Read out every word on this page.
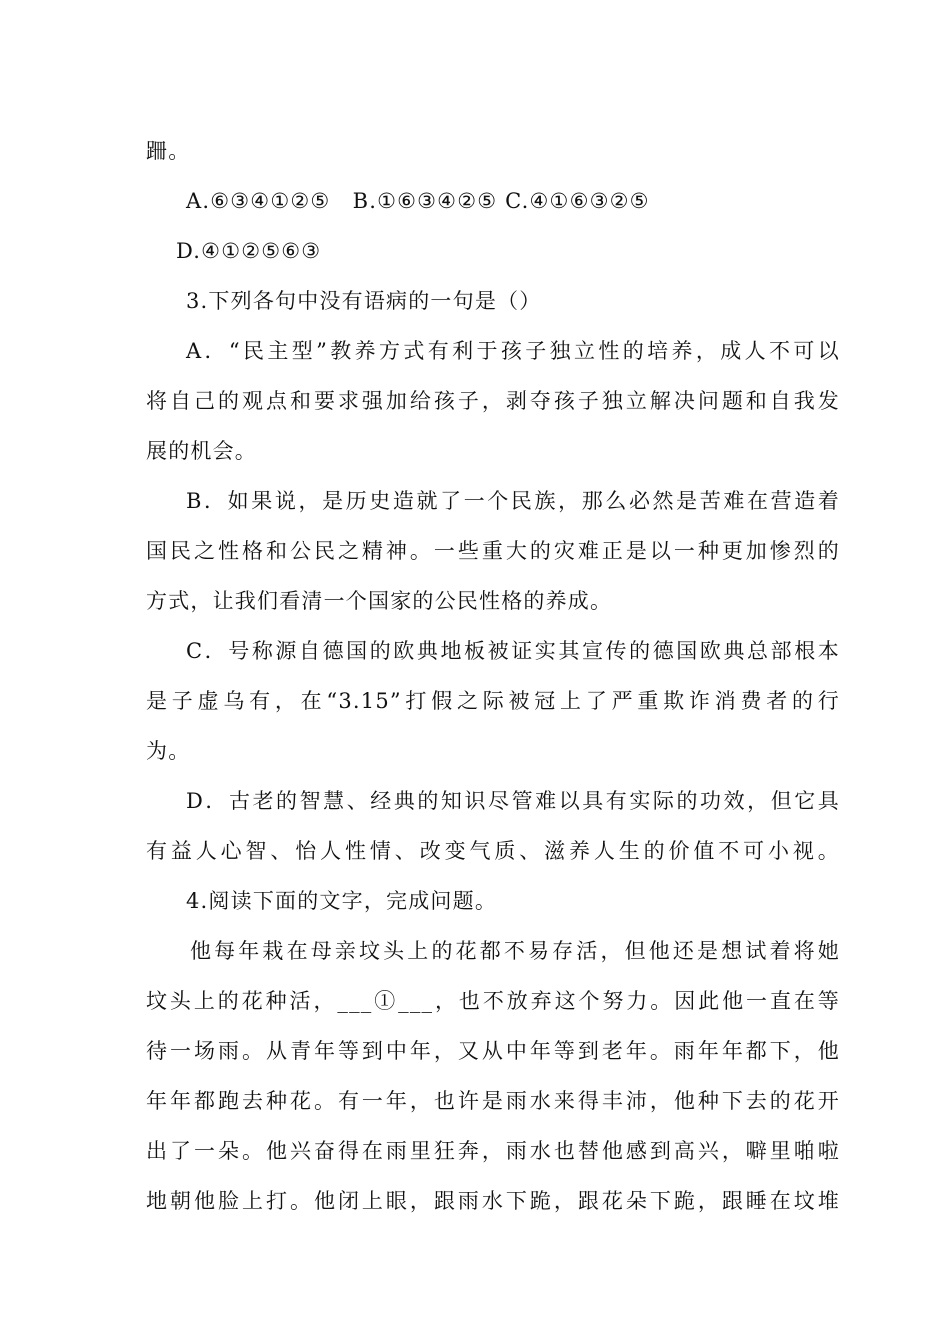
跚。
A.⑥③④①②⑤　B.①⑥③④②⑤ C.④①⑥③②⑤
D.④①②⑤⑥③
3.下列各句中没有语病的一句是（）
A．“民主型”教养方式有利于孩子独立性的培养，成人不可以
将自己的观点和要求强加给孩子，剥夺孩子独立解决问题和自我发
展的机会。
B．如果说，是历史造就了一个民族，那么必然是苦难在营造着
国民之性格和公民之精神。一些重大的灾难正是以一种更加惨烈的
方式，让我们看清一个国家的公民性格的养成。
C．号称源自德国的欧典地板被证实其宣传的德国欧典总部根本
是子虚乌有，在“3.15”打假之际被冠上了严重欺诈消费者的行
为。
D．古老的智慧、经典的知识尽管难以具有实际的功效，但它具
有益人心智、怡人性情、改变气质、滋养人生的价值不可小视。
4.阅读下面的文字，完成问题。
他每年栽在母亲坟头上的花都不易存活，但他还是想试着将她
坟头上的花种活，___①___，也不放弃这个努力。因此他一直在等
待一场雨。从青年等到中年，又从中年等到老年。雨年年都下，他
年年都跑去种花。有一年，也许是雨水来得丰沛，他种下去的花开
出了一朵。他兴奋得在雨里狂奔，雨水也替他感到高兴，噼里啪啦
地朝他脸上打。他闭上眼，跟雨水下跪，跟花朵下跪，跟睡在坟堆
